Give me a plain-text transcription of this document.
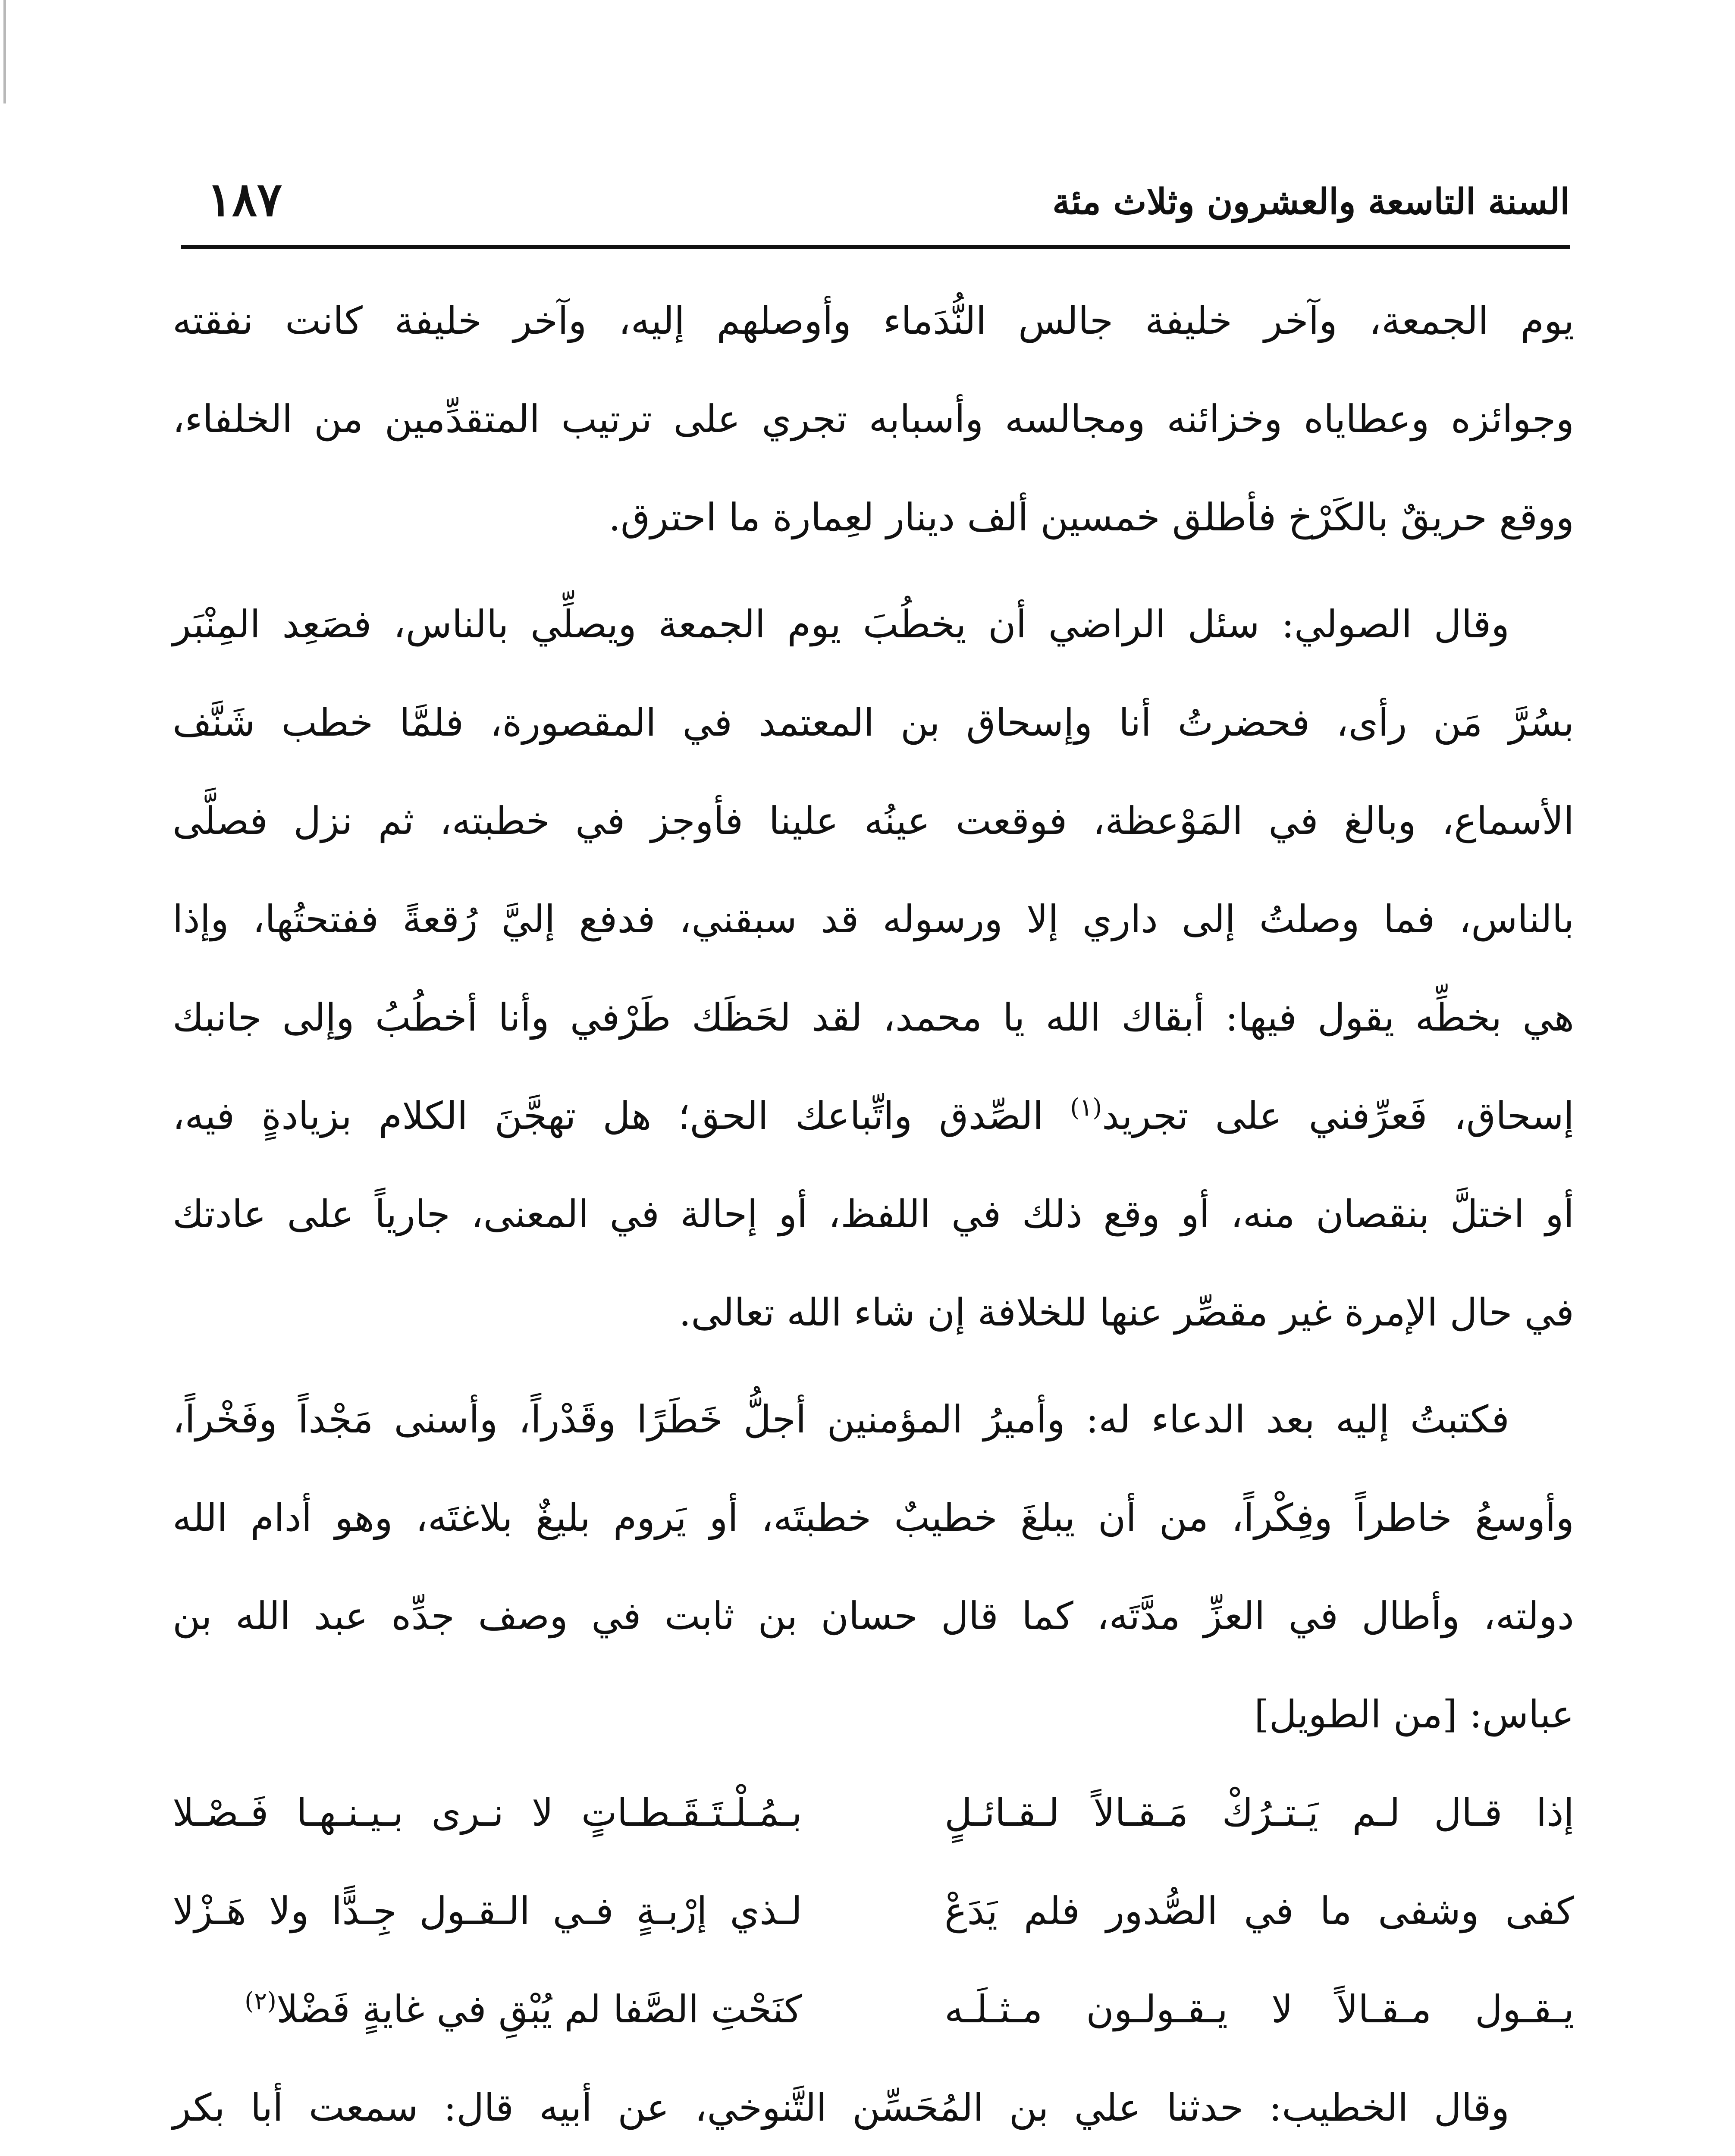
السنة التاسعة والعشرون وثلاث مئة
١٨٧
يوم الجمعة، وآخر خليفة جالس النُّدَماء وأوصلهم إليه، وآخر خليفة كانت نفقته
وجوائزه وعطاياه وخزائنه ومجالسه وأسبابه تجري على ترتيب المتقدِّمين من الخلفاء،
ووقع حريقٌ بالكَرْخ فأطلق خمسين ألف دينار لعِمارة ما احترق.
وقال الصولي: سئل الراضي أن يخطُبَ يوم الجمعة ويصلِّي بالناس، فصَعِد المِنْبَر
بسُرَّ مَن رأى، فحضرتُ أنا وإسحاق بن المعتمد في المقصورة، فلمَّا خطب شَنَّف
الأسماع، وبالغ في المَوْعظة، فوقعت عينُه علينا فأوجز في خطبته، ثم نزل فصلَّى
بالناس، فما وصلتُ إلى داري إلا ورسوله قد سبقني، فدفع إليَّ رُقعةً ففتحتُها، وإذا
هي بخطِّه يقول فيها: أبقاك الله يا محمد، لقد لحَظَك طَرْفي وأنا أخطُبُ وإلى جانبك
إسحاق، فَعرِّفني على تجريد$^{(١)}$ الصِّدق واتِّباعك الحق؛ هل تهجَّنَ الكلام بزيادةٍ فيه،
أو اختلَّ بنقصان منه، أو وقع ذلك في اللفظ، أو إحالة في المعنى، جارياً على عادتك
في حال الإمرة غير مقصِّر عنها للخلافة إن شاء الله تعالى.
فكتبتُ إليه بعد الدعاء له: وأميرُ المؤمنين أجلُّ خَطَرًا وقَدْراً، وأسنى مَجْداً وفَخْراً،
وأوسعُ خاطراً وفِكْراً، من أن يبلغَ خطيبٌ خطبتَه، أو يَروم بليغٌ بلاغتَه، وهو أدام الله
دولته، وأطال في العزِّ مدَّتَه، كما قال حسان بن ثابت في وصف جدِّه عبد الله بن
عباس: [من الطويل]
إذا قـال لـم يَـتـرُكْ مَـقـالاً لـقـائـلٍ
بـمُـلْـتَـقَـطـاتٍ لا نـرى بـيـنـهـا فَـصْـلا
كفى وشفى ما في الصُّدور فلم يَدَعْ
لـذي إرْبـةٍ فـي الـقـول جِـدًّا ولا هَـزْلا
يـقـول مـقـالاً لا يـقـولـون مـثـلَـه
كنَحْتِ الصَّفا لم يُبْقِ في غايةٍ فَضْلا$^{(٢)}$
وقال الخطيب: حدثنا علي بن المُحَسِّن التَّنوخي، عن أبيه قال: سمعت أبا بكر
